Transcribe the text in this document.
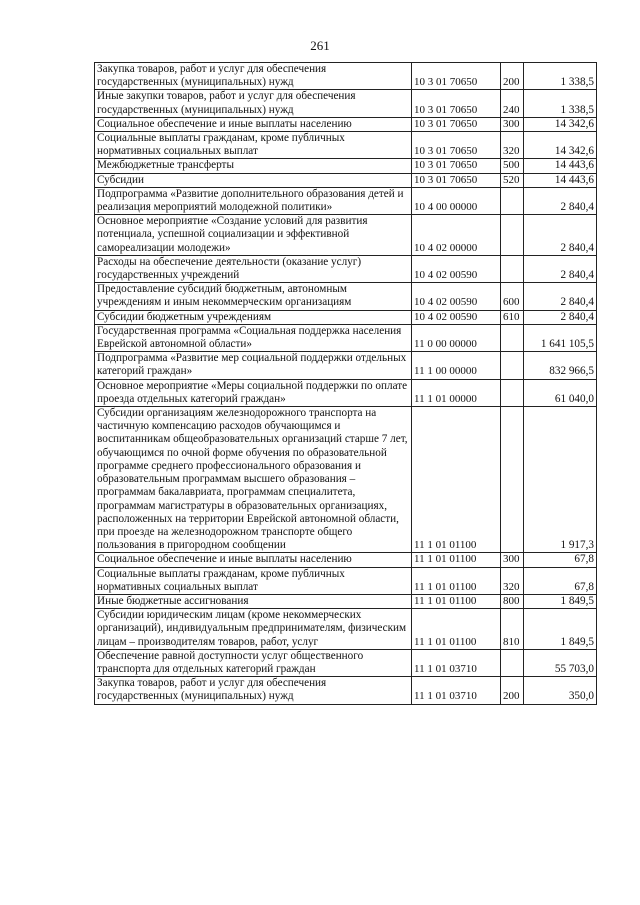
261
Закупка товаров, работ и услуг для обеспечения государственных (муниципальных) нужд	10 3 01 70650	200	1 338,5
Иные закупки товаров, работ и услуг для обеспечения государственных (муниципальных) нужд	10 3 01 70650	240	1 338,5
Социальное обеспечение и иные выплаты населению	10 3 01 70650	300	14 342,6
Социальные выплаты гражданам, кроме публичных нормативных социальных выплат	10 3 01 70650	320	14 342,6
Межбюджетные трансферты	10 3 01 70650	500	14 443,6
Субсидии	10 3 01 70650	520	14 443,6
Подпрограмма «Развитие дополнительного образования детей и реализация мероприятий молодежной политики»	10 4 00 00000		2 840,4
Основное мероприятие «Создание условий для развития потенциала, успешной социализации и эффективной самореализации молодежи»	10 4 02 00000		2 840,4
Расходы на обеспечение деятельности (оказание услуг) государственных учреждений	10 4 02 00590		2 840,4
Предоставление субсидий бюджетным, автономным учреждениям и иным некоммерческим организациям	10 4 02 00590	600	2 840,4
Субсидии бюджетным учреждениям	10 4 02 00590	610	2 840,4
Государственная программа «Социальная поддержка населения Еврейской автономной области»	11 0 00 00000		1 641 105,5
Подпрограмма «Развитие мер социальной поддержки отдельных категорий граждан»	11 1 00 00000		832 966,5
Основное мероприятие «Меры социальной поддержки по оплате проезда отдельных категорий граждан»	11 1 01 00000		61 040,0
Субсидии организациям железнодорожного транспорта на частичную компенсацию расходов обучающимся и воспитанникам общеобразовательных организаций старше 7 лет, обучающимся по очной форме обучения по образовательной программе среднего профессионального образования и образовательным программам высшего образования – программам бакалавриата, программам специалитета, программам магистратуры в образовательных организациях, расположенных на территории Еврейской автономной области, при проезде на железнодорожном транспорте общего пользования в пригородном сообщении	11 1 01 01100		1 917,3
Социальное обеспечение и иные выплаты населению	11 1 01 01100	300	67,8
Социальные выплаты гражданам, кроме публичных нормативных социальных выплат	11 1 01 01100	320	67,8
Иные бюджетные ассигнования	11 1 01 01100	800	1 849,5
Субсидии юридическим лицам (кроме некоммерческих организаций), индивидуальным предпринимателям, физическим лицам – производителям товаров, работ, услуг	11 1 01 01100	810	1 849,5
Обеспечение равной доступности услуг общественного транспорта для отдельных категорий граждан	11 1 01 03710		55 703,0
Закупка товаров, работ и услуг для обеспечения государственных (муниципальных) нужд	11 1 01 03710	200	350,0
